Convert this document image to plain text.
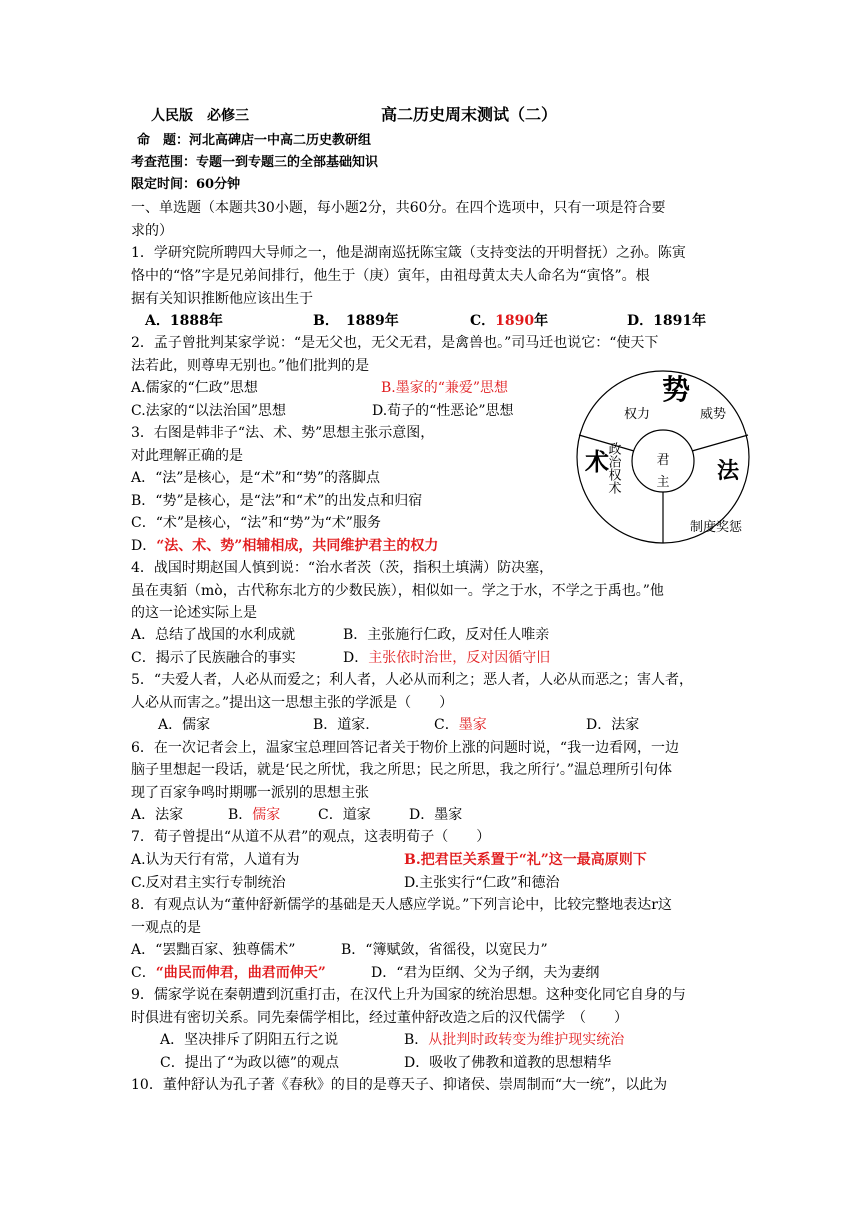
人民版　必修三	高二历史周末测试（二）
命　题：河北高碑店一中高二历史教研组
考查范围：专题一到专题三的全部基础知识
限定时间：60分钟
一、单选题（本题共30小题，每小题2分，共60分。在四个选项中，只有一项是符合要
求的）
1．学研究院所聘四大导师之一，他是湖南巡抚陈宝箴（支持变法的开明督抚）之孙。陈寅
恪中的“恪”字是兄弟间排行，他生于（庚）寅年，由祖母黄太夫人命名为“寅恪”。根
据有关知识推断他应该出生于
A．1888年	B．　1889年	C．1890年	D．1891年
2．孟子曾批判某家学说：“是无父也，无父无君，是禽兽也。”司马迁也说它：“使天下
法若此，则尊卑无别也。”他们批判的是
A.儒家的“仁政”思想	B.墨家的“兼爱”思想
C.法家的“以法治国”思想	D.荀子的“性恶论”思想
3．右图是韩非子“法、术、势”思想主张示意图，
对此理解正确的是
A．“法”是核心，是“术”和“势”的落脚点
B．“势”是核心，是“法”和“术”的出发点和归宿
C．“术”是核心，“法”和“势”为“术”服务
D．“法、术、势”相辅相成，共同维护君主的权力
势
权力	威势
术	法
君
主
政治权术
制度奖惩
4．战国时期赵国人慎到说：“治水者茨（茨，指积土填满）防决塞，
虽在夷貊（mò，古代称东北方的少数民族），相似如一。学之于水，不学之于禹也。”他
的这一论述实际上是
A．总结了战国的水利成就	B．主张施行仁政，反对任人唯亲
C．揭示了民族融合的事实	D．主张依时治世，反对因循守旧
5．“夫爱人者，人必从而爱之；利人者，人必从而利之；恶人者，人必从而恶之；害人者，
人必从而害之。”提出这一思想主张的学派是（　　）
A．儒家	B．道家.	C．墨家	D．法家
6．在一次记者会上，温家宝总理回答记者关于物价上涨的问题时说，“我一边看网，一边
脑子里想起一段话，就是‘民之所忧，我之所思；民之所思，我之所行’。”温总理所引句体
现了百家争鸣时期哪一派别的思想主张
A．法家	B．儒家	C．道家	D．墨家
7．荀子曾提出“从道不从君”的观点，这表明荀子（　　）
A.认为天行有常，人道有为	B.把君臣关系置于“礼”这一最高原则下
C.反对君主实行专制统治	D.主张实行“仁政”和德治
8．有观点认为“董仲舒新儒学的基础是天人感应学说。”下列言论中，比较完整地表达r这
一观点的是
A．“罢黜百家、独尊儒术”	B．“簿赋敛，省徭役，以宽民力”
C．“曲民而伸君，曲君而伸天”	D．“君为臣纲、父为子纲，夫为妻纲
9．儒家学说在秦朝遭到沉重打击，在汉代上升为国家的统治思想。这种变化同它自身的与
时俱进有密切关系。同先秦儒学相比，经过董仲舒改造之后的汉代儒学　（　　）
A．坚决排斥了阴阳五行之说	B．从批判时政转变为维护现实统治
C．提出了“为政以德”的观点	D．吸收了佛教和道教的思想精华
10．董仲舒认为孔子著《春秋》的目的是尊天子、抑诸侯、崇周制而“大一统”，以此为
